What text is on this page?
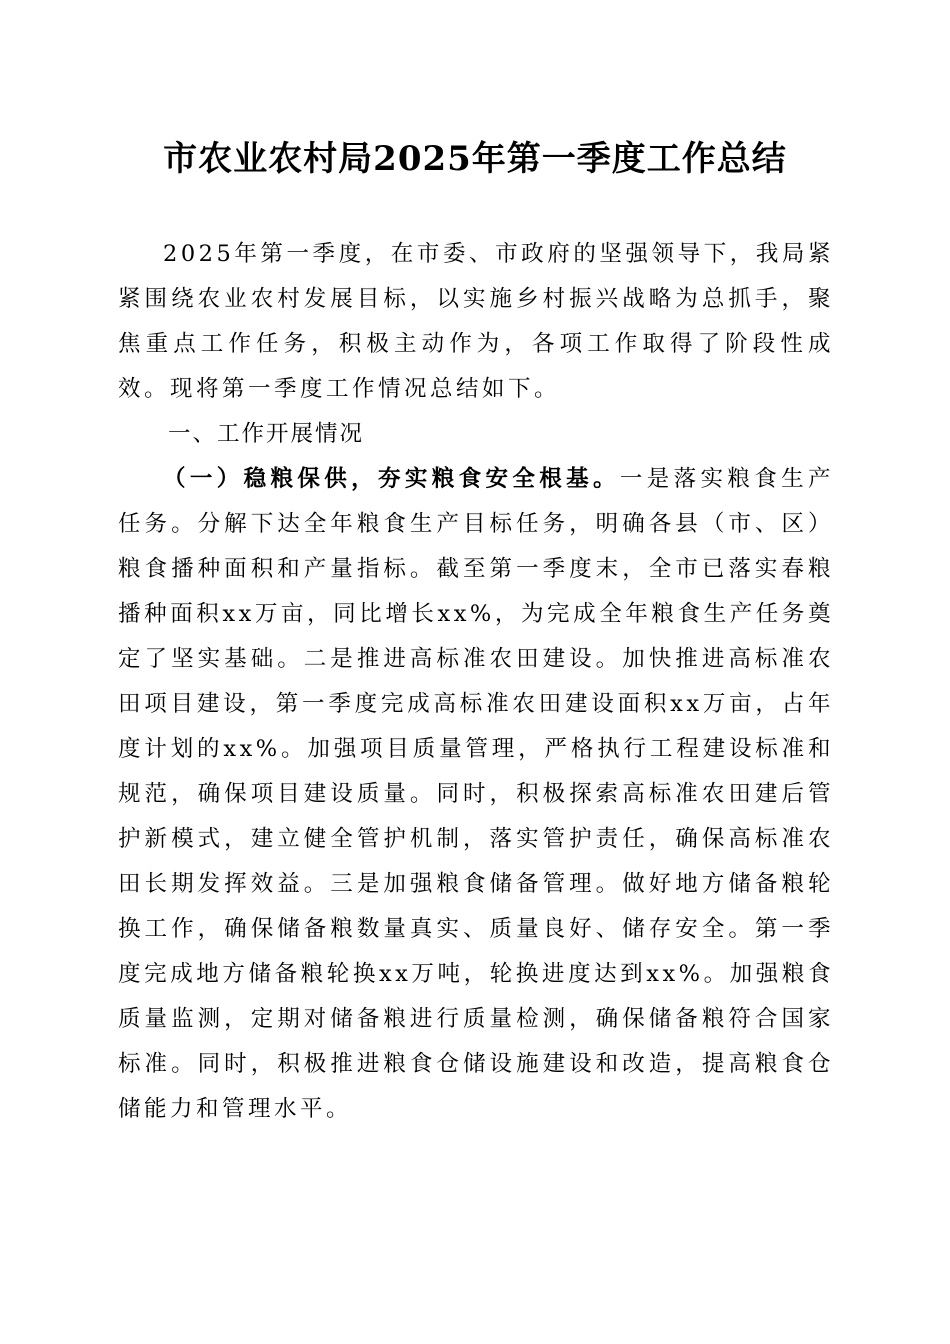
市农业农村局2025年第一季度工作总结

2025年第一季度，在市委、市政府的坚强领导下，我局紧紧围绕农业农村发展目标，以实施乡村振兴战略为总抓手，聚焦重点工作任务，积极主动作为，各项工作取得了阶段性成效。现将第一季度工作情况总结如下。

一、工作开展情况

（一）稳粮保供，夯实粮食安全根基。一是落实粮食生产任务。分解下达全年粮食生产目标任务，明确各县（市、区）粮食播种面积和产量指标。截至第一季度末，全市已落实春粮播种面积xx万亩，同比增长xx%，为完成全年粮食生产任务奠定了坚实基础。二是推进高标准农田建设。加快推进高标准农田项目建设，第一季度完成高标准农田建设面积xx万亩，占年度计划的xx%。加强项目质量管理，严格执行工程建设标准和规范，确保项目建设质量。同时，积极探索高标准农田建后管护新模式，建立健全管护机制，落实管护责任，确保高标准农田长期发挥效益。三是加强粮食储备管理。做好地方储备粮轮换工作，确保储备粮数量真实、质量良好、储存安全。第一季度完成地方储备粮轮换xx万吨，轮换进度达到xx%。加强粮食质量监测，定期对储备粮进行质量检测，确保储备粮符合国家标准。同时，积极推进粮食仓储设施建设和改造，提高粮食仓储能力和管理水平。
